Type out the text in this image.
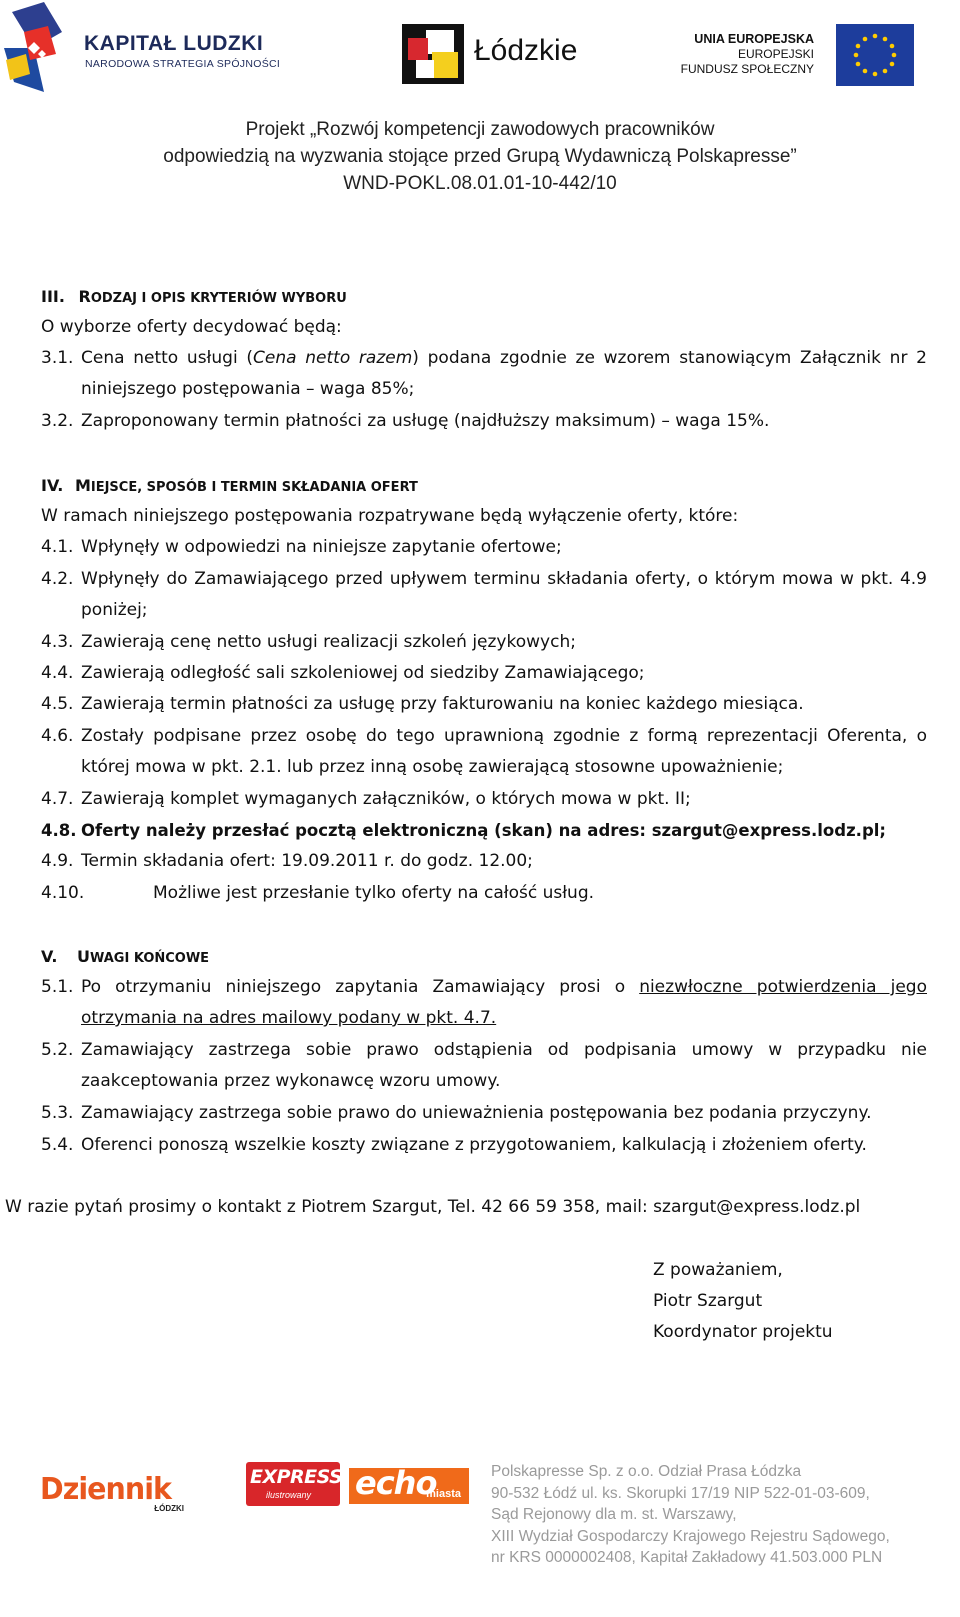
KAPITAŁ LUDZKI
NARODOWA STRATEGIA SPÓJNOŚCI	Łódzkie	UNIA EUROPEJSKA
EUROPEJSKI
FUNDUSZ SPOŁECZNY
Projekt „Rozwój kompetencji zawodowych pracowników
odpowiedzią na wyzwania stojące przed Grupą Wydawniczą Polskapresse”
WND-POKL.08.01.01-10-442/10
III. RODZAJ I OPIS KRYTERIÓW WYBORU
O wyborze oferty decydować będą:
3.1. Cena netto usługi (Cena netto razem) podana zgodnie ze wzorem stanowiącym Załącznik nr 2 niniejszego postępowania – waga 85%;
3.2. Zaproponowany termin płatności za usługę (najdłuższy maksimum) – waga 15%.
IV. MIEJSCE, SPOSÓB I TERMIN SKŁADANIA OFERT
W ramach niniejszego postępowania rozpatrywane będą wyłączenie oferty, które:
4.1. Wpłynęły w odpowiedzi na niniejsze zapytanie ofertowe;
4.2. Wpłynęły do Zamawiającego przed upływem terminu składania oferty, o którym mowa w pkt. 4.9 poniżej;
4.3. Zawierają cenę netto usługi realizacji szkoleń językowych;
4.4. Zawierają odległość sali szkoleniowej od siedziby Zamawiającego;
4.5. Zawierają termin płatności za usługę przy fakturowaniu na koniec każdego miesiąca.
4.6. Zostały podpisane przez osobę do tego uprawnioną zgodnie z formą reprezentacji Oferenta, o której mowa w pkt. 2.1. lub przez inną osobę zawierającą stosowne upoważnienie;
4.7. Zawierają komplet wymaganych załączników, o których mowa w pkt. II;
4.8. Oferty należy przesłać pocztą elektroniczną (skan) na adres: szargut@express.lodz.pl;
4.9. Termin składania ofert: 19.09.2011 r. do godz. 12.00;
4.10.	Możliwe jest przesłanie tylko oferty na całość usług.
V. UWAGI KOŃCOWE
5.1. Po otrzymaniu niniejszego zapytania Zamawiający prosi o niezwłoczne potwierdzenia jego otrzymania na adres mailowy podany w pkt. 4.7.
5.2. Zamawiający zastrzega sobie prawo odstąpienia od podpisania umowy w przypadku nie zaakceptowania przez wykonawcę wzoru umowy.
5.3. Zamawiający zastrzega sobie prawo do unieważnienia postępowania bez podania przyczyny.
5.4. Oferenci ponoszą wszelkie koszty związane z przygotowaniem, kalkulacją i złożeniem oferty.
W razie pytań prosimy o kontakt z Piotrem Szargut, Tel. 42 66 59 358, mail: szargut@express.lodz.pl
Z poważaniem,
Piotr Szargut
Koordynator projektu
Dziennik
ŁÓDZKI
EXPRESS
ilustrowany echo
miasta
Polskapresse Sp. z o.o. Odział Prasa Łódzka
90-532 Łódź ul. ks. Skorupki 17/19 NIP 522-01-03-609,
Sąd Rejonowy dla m. st. Warszawy,
XIII Wydział Gospodarczy Krajowego Rejestru Sądowego,
nr KRS 0000002408, Kapitał Zakładowy 41.503.000 PLN
